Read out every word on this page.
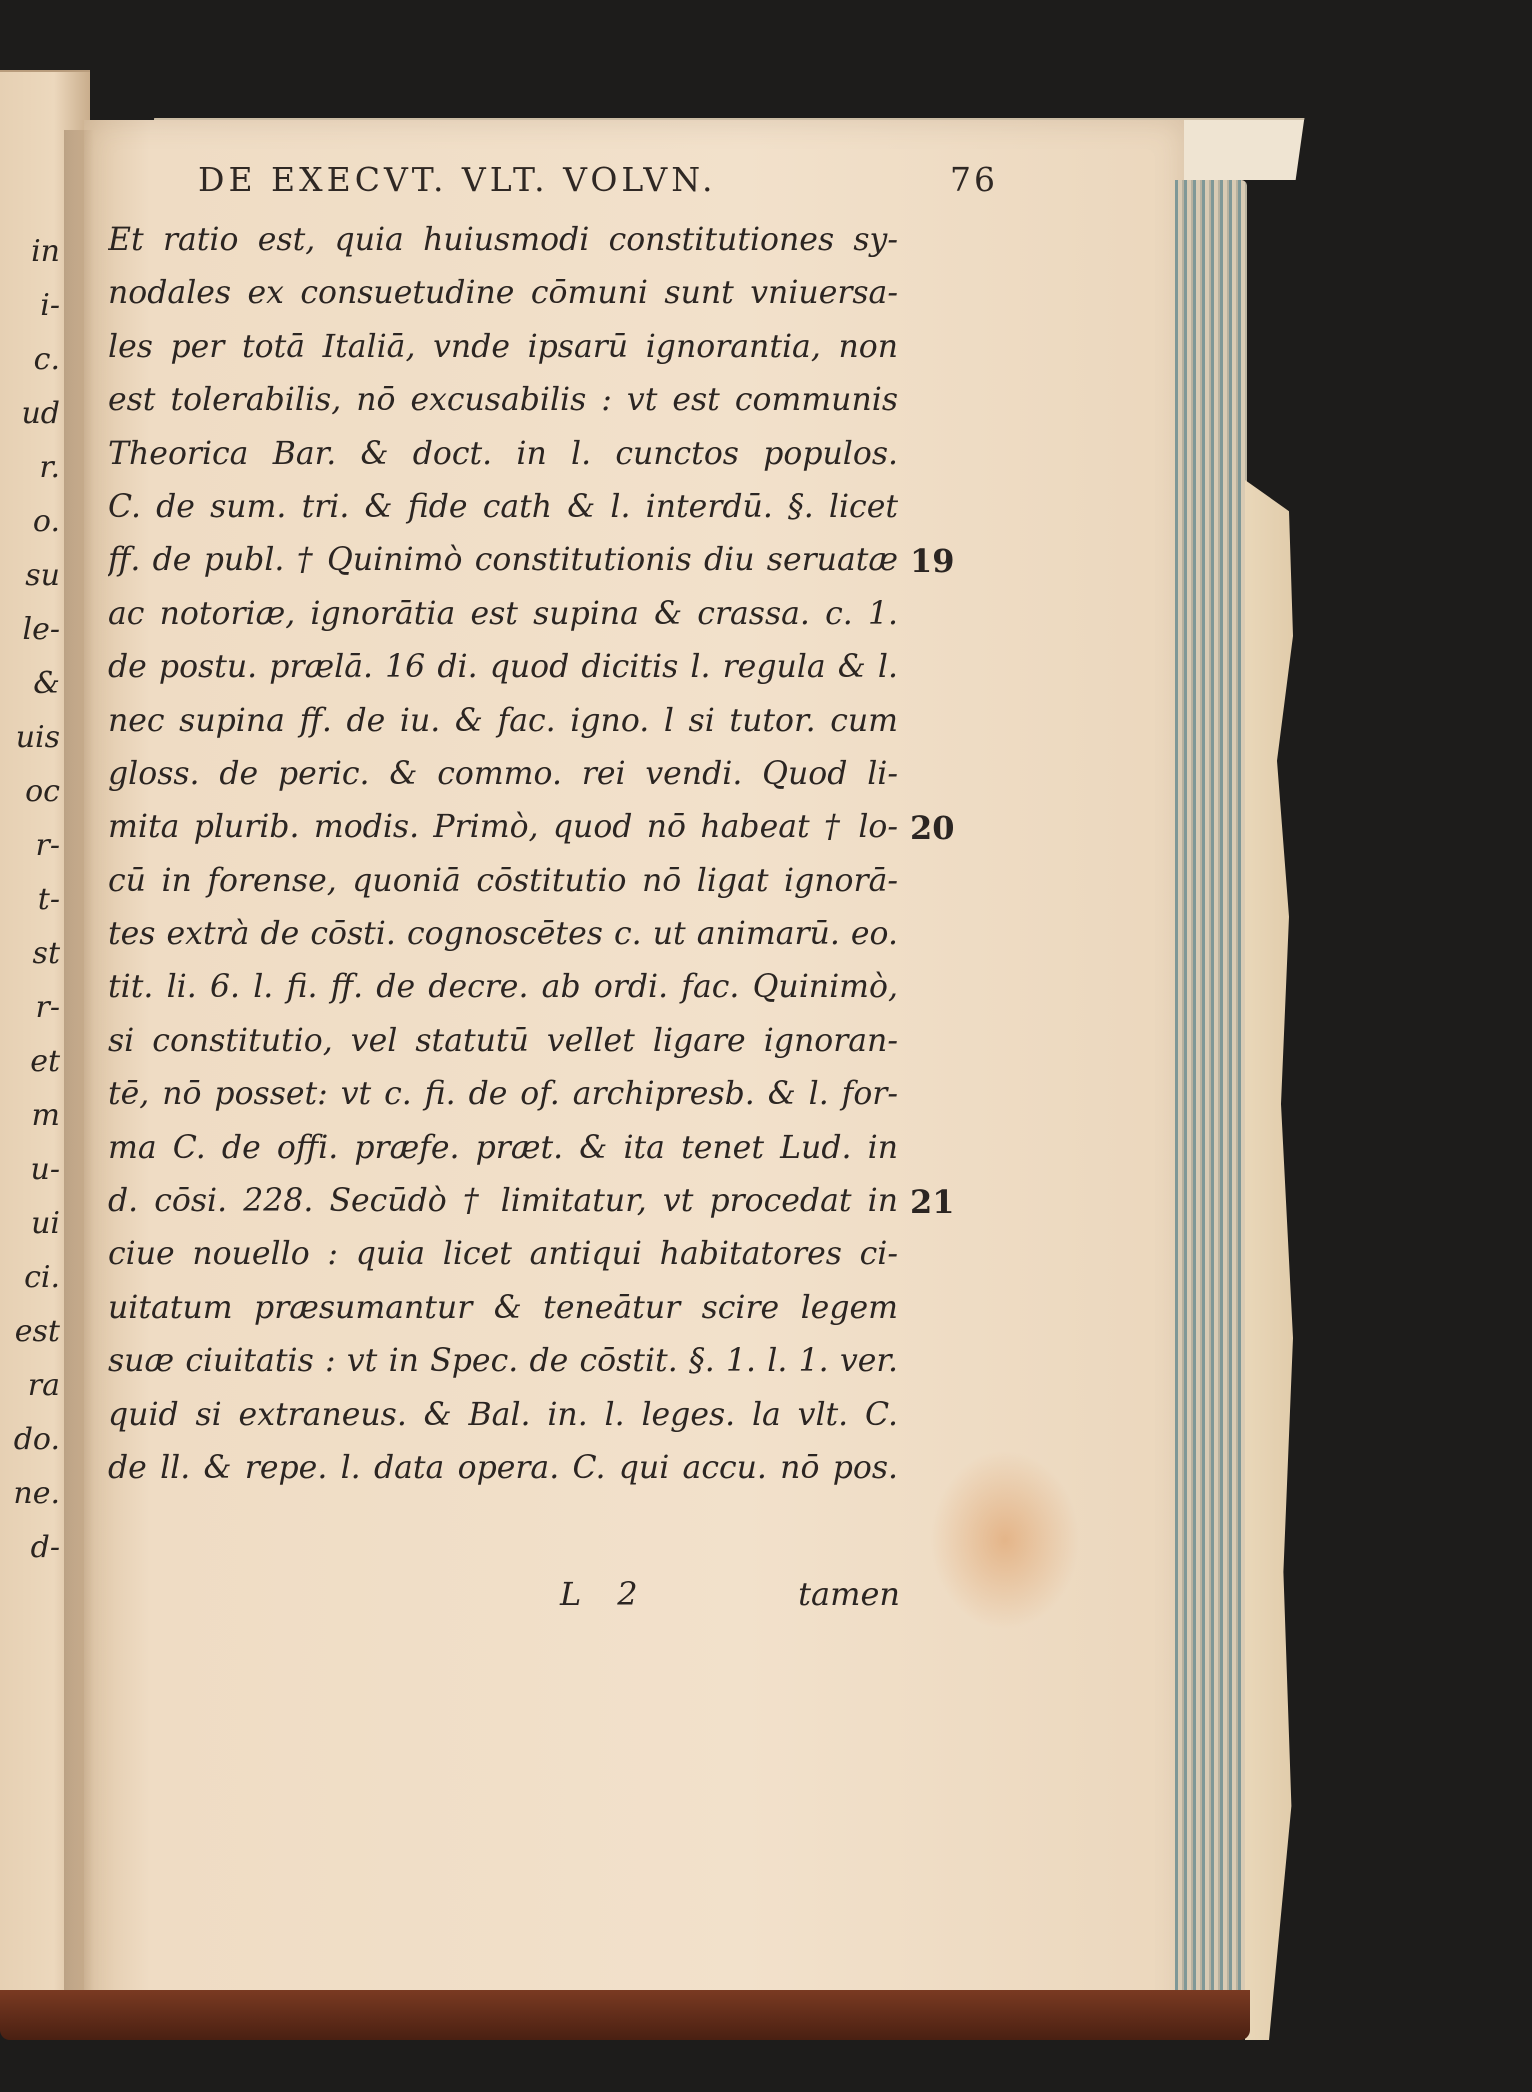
in
i-
c.
ud
r.
o.
su
le-
&
uis
oc
r-
t-
st
r-
et
m
u-
ui
ci.
est
ra
do.
ne.
d-
DE EXECVT. VLT. VOLVN.	76
Et ratio est, quia huiusmodi constitutiones sy-
nodales ex consuetudine cōmuni sunt vniuersa-
les per totā Italiā, vnde ipsarū ignorantia, non
est tolerabilis, nō excusabilis : vt est communis
Theorica Bar. & doct. in l. cunctos populos.
C. de sum. tri. & fide cath & l. interdū. §. licet
ff. de publ. † Quinimò constitutionis diu seruatæ
ac notoriæ, ignorātia est supina & crassa. c. 1.
de postu. prælā. 16 di. quod dicitis l. regula & l.
nec supina ff. de iu. & fac. igno. l si tutor. cum
gloss. de peric. & commo. rei vendi. Quod li-
mita plurib. modis. Primò, quod nō habeat † lo-
cū in forense, quoniā cōstitutio nō ligat ignorā-
tes extrà de cōsti. cognoscētes c. ut animarū. eo.
tit. li. 6. l. fi. ff. de decre. ab ordi. fac. Quinimò,
si constitutio, vel statutū vellet ligare ignoran-
tē, nō posset: vt c. fi. de of. archipresb. & l. for-
ma C. de offi. præfe. præt. & ita tenet Lud. in
d. cōsi. 228. Secūdò † limitatur, vt procedat in
ciue nouello : quia licet antiqui habitatores ci-
uitatum præsumantur & teneātur scire legem
suæ ciuitatis : vt in Spec. de cōstit. §. 1. l. 1. ver.
quid si extraneus. & Bal. in. l. leges. la vlt. C.
de ll. & repe. l. data opera. C. qui accu. nō pos.
19
20
21
L 2	tamen
